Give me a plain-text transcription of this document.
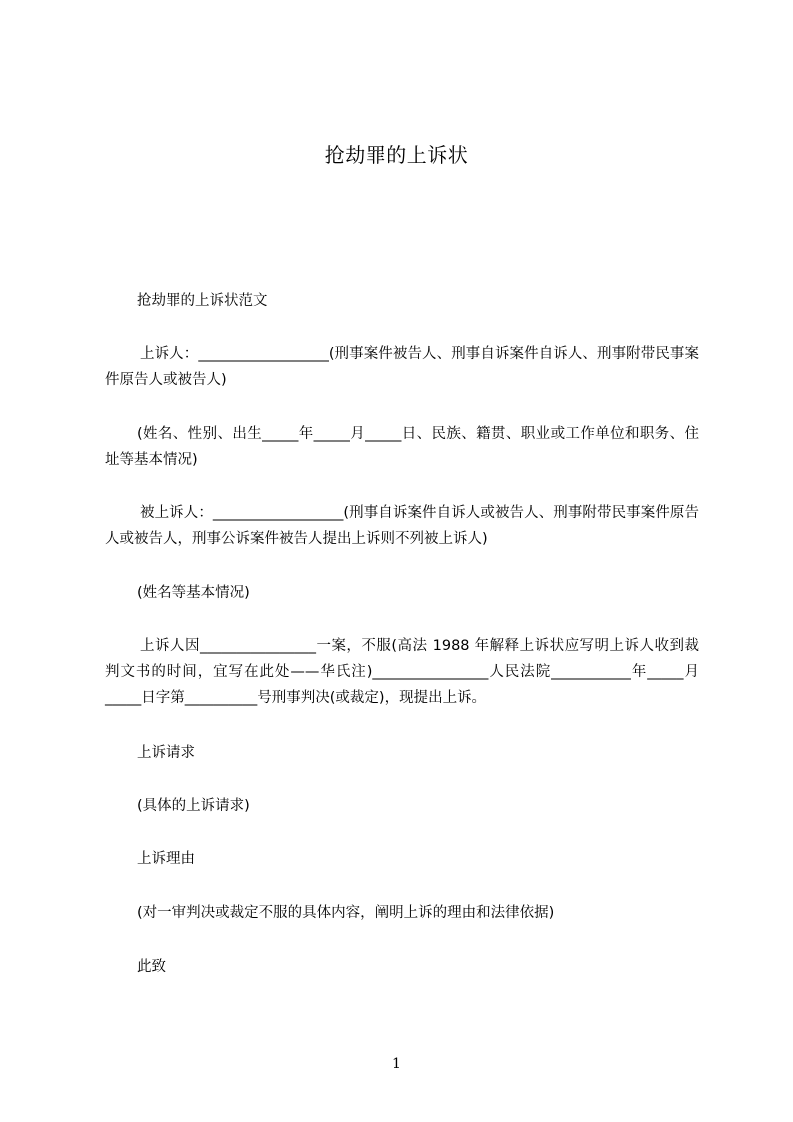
抢劫罪的上诉状

抢劫罪的上诉状范文

上诉人：__________________(刑事案件被告人、刑事自诉案件自诉人、刑事附带民事案件原告人或被告人)

(姓名、性别、出生_____年_____月_____日、民族、籍贯、职业或工作单位和职务、住址等基本情况)

被上诉人：__________________(刑事自诉案件自诉人或被告人、刑事附带民事案件原告人或被告人，刑事公诉案件被告人提出上诉则不列被上诉人)

(姓名等基本情况)

上诉人因________________一案，不服(高法 1988 年解释上诉状应写明上诉人收到裁判文书的时间，宜写在此处——华氏注)________________人民法院___________年_____月_____日字第__________号刑事判决(或裁定)，现提出上诉。

上诉请求

(具体的上诉请求)

上诉理由

(对一审判决或裁定不服的具体内容，阐明上诉的理由和法律依据)

此致

1
